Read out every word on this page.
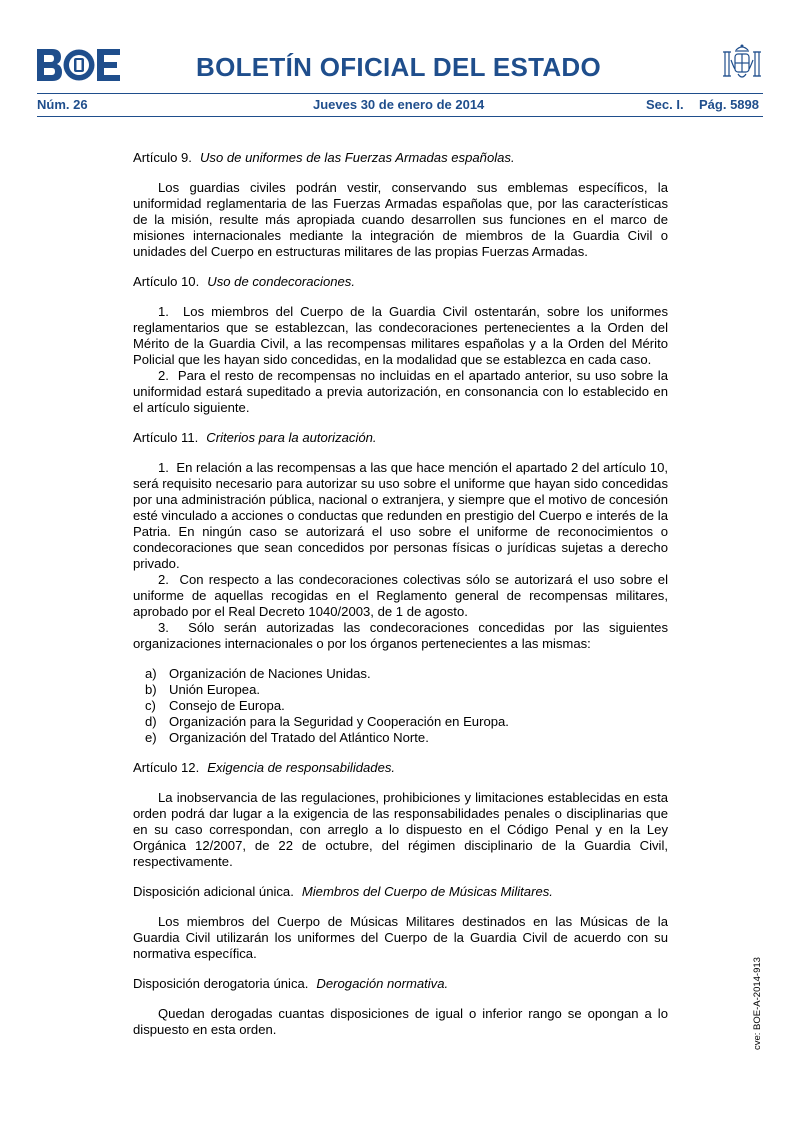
BOLETÍN OFICIAL DEL ESTADO
Núm. 26	Jueves 30 de enero de 2014	Sec. I. Pág. 5898
Artículo 9. Uso de uniformes de las Fuerzas Armadas españolas.

Los guardias civiles podrán vestir, conservando sus emblemas específicos, la uniformidad reglamentaria de las Fuerzas Armadas españolas que, por las características de la misión, resulte más apropiada cuando desarrollen sus funciones en el marco de misiones internacionales mediante la integración de miembros de la Guardia Civil o unidades del Cuerpo en estructuras militares de las propias Fuerzas Armadas.

Artículo 10. Uso de condecoraciones.

1.  Los miembros del Cuerpo de la Guardia Civil ostentarán, sobre los uniformes reglamentarios que se establezcan, las condecoraciones pertenecientes a la Orden del Mérito de la Guardia Civil, a las recompensas militares españolas y a la Orden del Mérito Policial que les hayan sido concedidas, en la modalidad que se establezca en cada caso.

2.  Para el resto de recompensas no incluidas en el apartado anterior, su uso sobre la uniformidad estará supeditado a previa autorización, en consonancia con lo establecido en el artículo siguiente.

Artículo 11. Criterios para la autorización.

1.  En relación a las recompensas a las que hace mención el apartado 2 del artículo 10, será requisito necesario para autorizar su uso sobre el uniforme que hayan sido concedidas por una administración pública, nacional o extranjera, y siempre que el motivo de concesión esté vinculado a acciones o conductas que redunden en prestigio del Cuerpo e interés de la Patria. En ningún caso se autorizará el uso sobre el uniforme de reconocimientos o condecoraciones que sean concedidos por personas físicas o jurídicas sujetas a derecho privado.

2.  Con respecto a las condecoraciones colectivas sólo se autorizará el uso sobre el uniforme de aquellas recogidas en el Reglamento general de recompensas militares, aprobado por el Real Decreto 1040/2003, de 1 de agosto.

3.  Sólo serán autorizadas las condecoraciones concedidas por las siguientes organizaciones internacionales o por los órganos pertenecientes a las mismas:

a) Organización de Naciones Unidas.
b) Unión Europea.
c) Consejo de Europa.
d) Organización para la Seguridad y Cooperación en Europa.
e) Organización del Tratado del Atlántico Norte.
Artículo 12. Exigencia de responsabilidades.

La inobservancia de las regulaciones, prohibiciones y limitaciones establecidas en esta orden podrá dar lugar a la exigencia de las responsabilidades penales o disciplinarias que en su caso correspondan, con arreglo a lo dispuesto en el Código Penal y en la Ley Orgánica 12/2007, de 22 de octubre, del régimen disciplinario de la Guardia Civil, respectivamente.

Disposición adicional única. Miembros del Cuerpo de Músicas Militares.

Los miembros del Cuerpo de Músicas Militares destinados en las Músicas de la Guardia Civil utilizarán los uniformes del Cuerpo de la Guardia Civil de acuerdo con su normativa específica.

Disposición derogatoria única. Derogación normativa.

Quedan derogadas cuantas disposiciones de igual o inferior rango se opongan a lo dispuesto en esta orden.	cve: BOE-A-2014-913
